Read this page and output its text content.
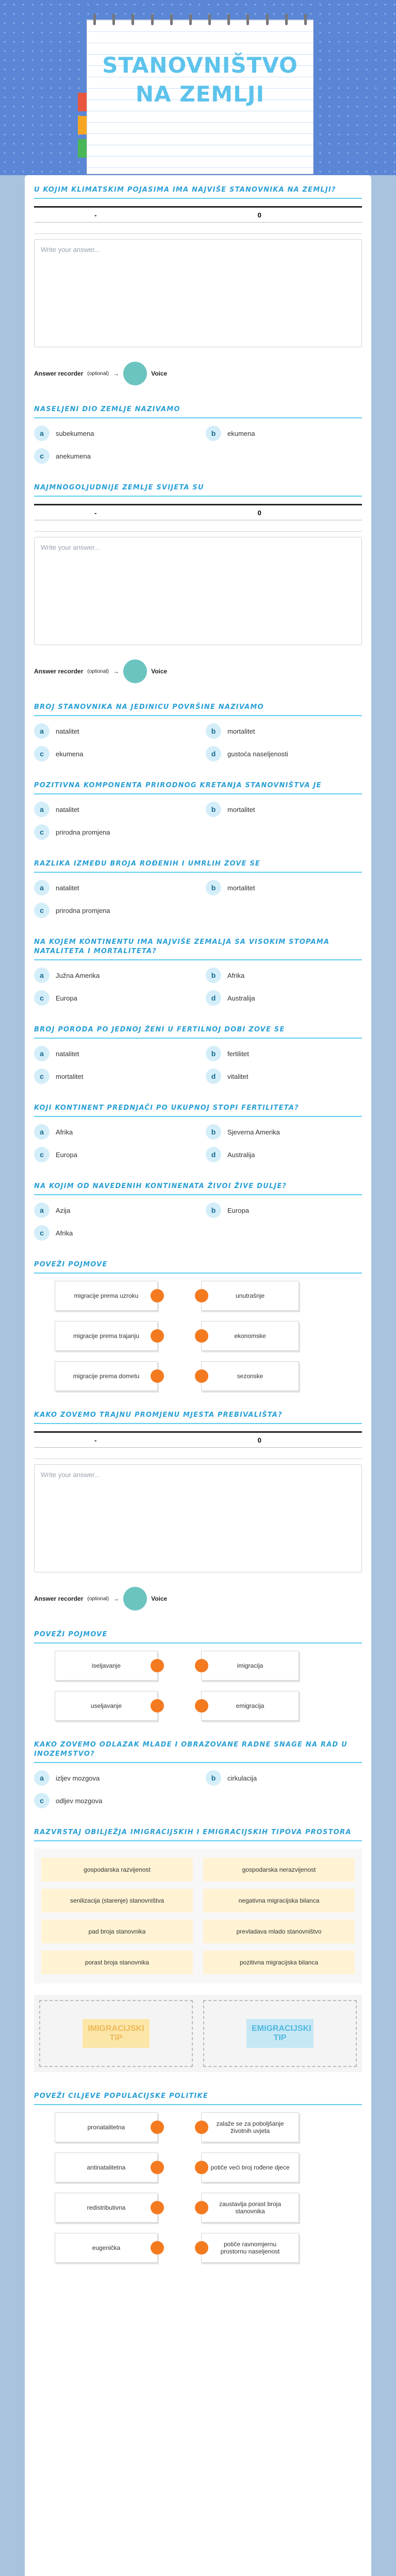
STANOVNIŠTVO NA ZEMLJI
U KOJIM KLIMATSKIM POJASIMA IMA NAJVIŠE STANOVNIKA NA ZEMLJI?
-	0

Write your answer...
Answer recorder (optional) →	Voice
NASELJENI DIO ZEMLJE NAZIVAMO
a	subekumena	b	ekumena
c	anekumena
NAJMNOGOLJUDNIJE ZEMLJE SVIJETA SU
-	0

Write your answer...
Answer recorder (optional) →	Voice
BROJ STANOVNIKA NA JEDINICU POVRŠINE NAZIVAMO
a	natalitet	b	mortalitet
c	ekumena	d	gustoća naseljenosti
POZITIVNA KOMPONENTA PRIRODNOG KRETANJA STANOVNIŠTVA JE
a	natalitet	b	mortalitet
c	prirodna promjena
RAZLIKA IZMEĐU BROJA ROĐENIH I UMRLIH ZOVE SE
a	natalitet	b	mortalitet
c	prirodna promjena
NA KOJEM KONTINENTU IMA NAJVIŠE ZEMALJA SA VISOKIM STOPAMA NATALITETA I MORTALITETA?
a	Južna Amerika	b	Afrika
c	Europa	d	Australija
BROJ PORODA PO JEDNOJ ŽENI U FERTILNOJ DOBI ZOVE SE
a	natalitet	b	fertilitet
c	mortalitet	d	vitalitet
KOJI KONTINENT PREDNJAČI PO UKUPNOJ STOPI FERTILITETA?
a	Afrika	b	Sjeverna Amerika
c	Europa	d	Australija
NA KOJIM OD NAVEDENIH KONTINENATA ŽIVOI ŽIVE DULJE?
a	Azija	b	Europa
c	Afrika
POVEŽI POJMOVE
migracije prema uzroku	unutrašnje
migracije prema trajanju	ekonomske
migracije prema dometu	sezonske
KAKO ZOVEMO TRAJNU PROMJENU MJESTA PREBIVALIŠTA?
-	0

Write your answer...
Answer recorder (optional) →	Voice
POVEŽI POJMOVE
iseljavanje	imigracija
useljavanje	emigracija
KAKO ZOVEMO ODLAZAK MLADE I OBRAZOVANE RADNE SNAGE NA RAD U INOZEMSTVO?
a	izljev mozgova	b	cirkulacija
c	odljev mozgova
RAZVRSTAJ OBILJEŽJA IMIGRACIJSKIH I EMIGRACIJSKIH TIPOVA PROSTORA
gospodarska razvijenost	gospodarska nerazvijenost
senilizacija (starenje) stanovništva	negativna migracijska bilanca
pad broja stanovnika	prevladava mlado stanovništvo
porast broja stanovnika	pozitivna migracijska bilanca
IMIGRACIJSKI TIP
EMIGRACIJSKI TIP
POVEŽI CILJEVE POPULACIJSKE POLITIKE
pronatalitetna	zalaže se za poboljšanje životnih uvjeta
antinatalitetna	potiče veći broj rođene djece
redistributivna	zaustavlja porast broja stanovnika
eugenička	potiče ravnomjernu prostornu naseljenost
